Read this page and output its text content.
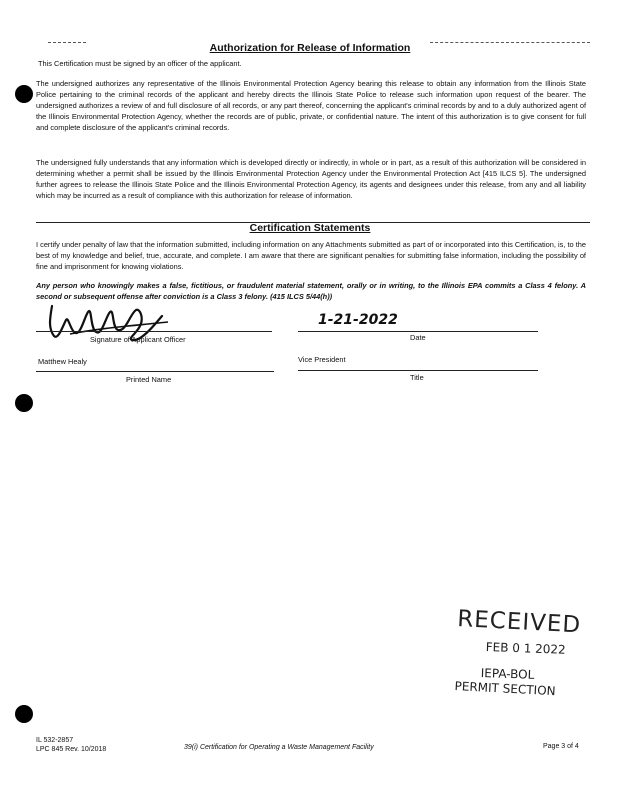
Authorization for Release of Information
This Certification must be signed by an officer of the applicant.
The undersigned authorizes any representative of the Illinois Environmental Protection Agency bearing this release to obtain any information from the Illinois State Police pertaining to the criminal records of the applicant and hereby directs the Illinois State Police to release such information upon request of the bearer. The undersigned authorizes a review of and full disclosure of all records, or any part thereof, concerning the applicant's criminal records by and to a duly authorized agent of the Illinois Environmental Protection Agency, whether the records are of public, private, or confidential nature. The intent of this authorization is to give consent for full and complete disclosure of the applicant's criminal records.
The undersigned fully understands that any information which is developed directly or indirectly, in whole or in part, as a result of this authorization will be considered in determining whether a permit shall be issued by the Illinois Environmental Protection Agency under the Environmental Protection Act [415 ILCS 5]. The undersigned further agrees to release the Illinois State Police and the Illinois Environmental Protection Agency, its agents and designees under this release, from any and all liability which may be incurred as a result of compliance with this authorization for release of information.
Certification Statements
I certify under penalty of law that the information submitted, including information on any Attachments submitted as part of or incorporated into this Certification, is, to the best of my knowledge and belief, true, accurate, and complete. I am aware that there are significant penalties for submitting false information, including the possibility of fine and imprisonment for knowing violations.
Any person who knowingly makes a false, fictitious, or fraudulent material statement, orally or in writing, to the Illinois EPA commits a Class 4 felony. A second or subsequent offense after conviction is a Class 3 felony. (415 ILCS 5/44(h))
1-21-2022
Signature of Applicant Officer	Date
Matthew Healy	Vice President
Printed Name	Title
RECEIVED
FEB 0 1 2022
IEPA-BOL
PERMIT SECTION
IL 532-2857
LPC 845 Rev. 10/2018	39(i) Certification for Operating a Waste Management Facility	Page 3 of 4
